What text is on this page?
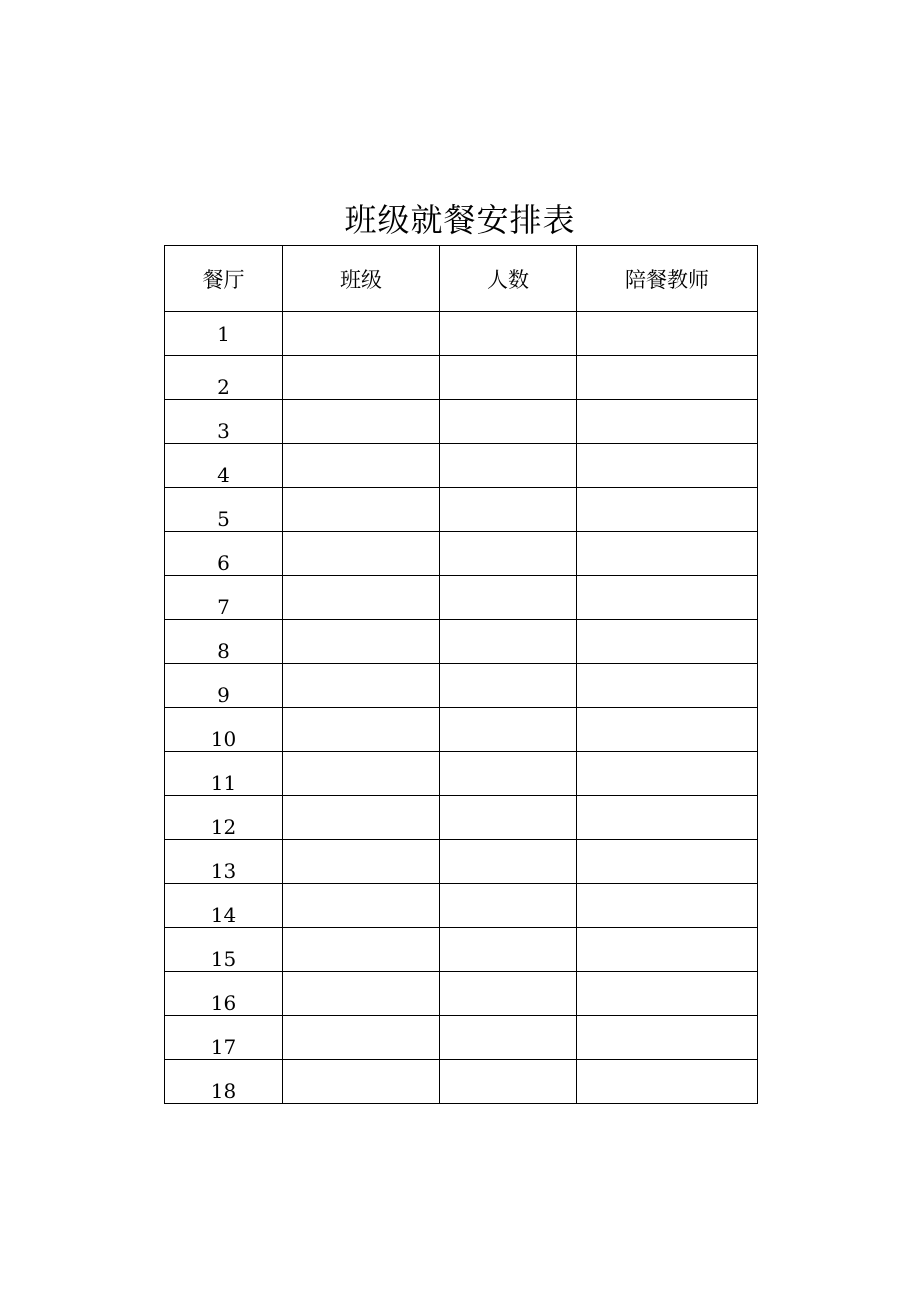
班级就餐安排表
餐厅	班级	人数	陪餐教师
1			
2			
3			
4			
5			
6			
7			
8			
9			
10			
11			
12			
13			
14			
15			
16			
17			
18			
